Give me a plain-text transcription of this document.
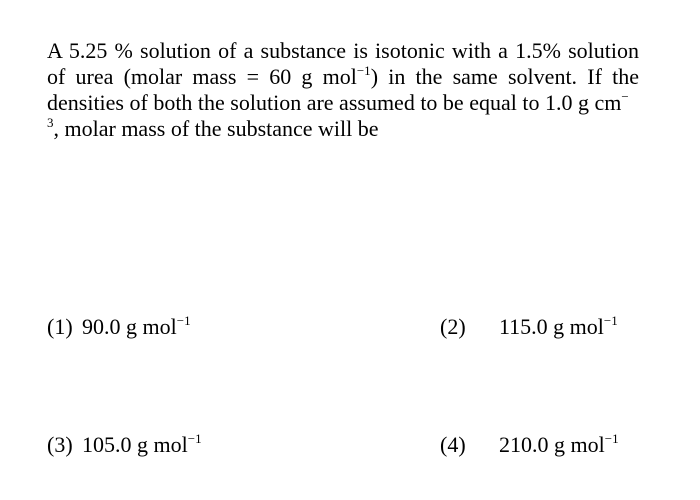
A 5.25 % solution of a substance is isotonic with a 1.5% solution
of urea (molar mass = 60 g mol$^{-1}$) in the same solvent. If the
densities of both the solution are assumed to be equal to 1.0 g cm−
$^3$, molar mass of the substance will be
(1) 90.0 g mol$^{-1}$	(2) 115.0 g mol$^{-1}$
(3) 105.0 g mol$^{-1}$	(4) 210.0 g mol$^{-1}$
